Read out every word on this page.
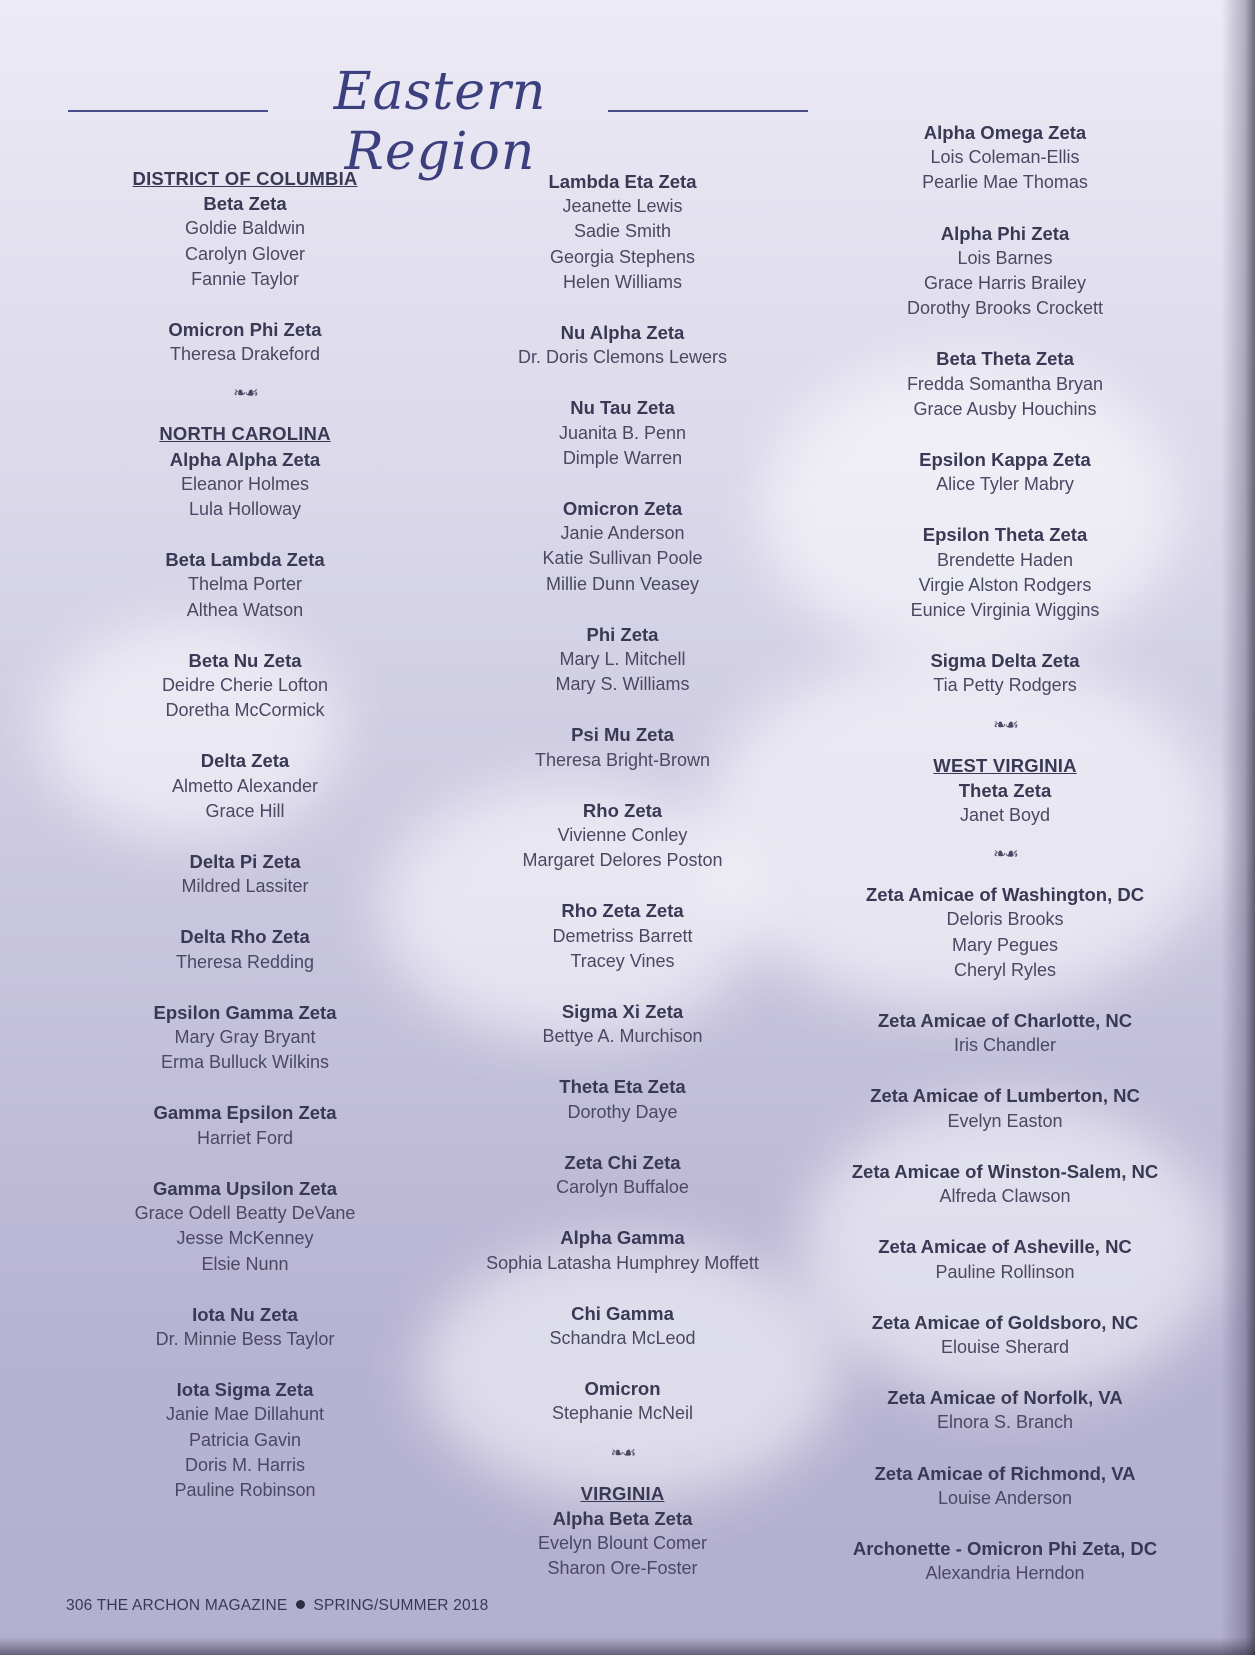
Eastern Region
DISTRICT OF COLUMBIA
Beta Zeta
Goldie Baldwin
Carolyn Glover
Fannie Taylor
Omicron Phi Zeta
Theresa Drakeford
❧☙
NORTH CAROLINA
Alpha Alpha Zeta
Eleanor Holmes
Lula Holloway
Beta Lambda Zeta
Thelma Porter
Althea Watson
Beta Nu Zeta
Deidre Cherie Lofton
Doretha McCormick
Delta Zeta
Almetto Alexander
Grace Hill
Delta Pi Zeta
Mildred Lassiter
Delta Rho Zeta
Theresa Redding
Epsilon Gamma Zeta
Mary Gray Bryant
Erma Bulluck Wilkins
Gamma Epsilon Zeta
Harriet Ford
Gamma Upsilon Zeta
Grace Odell Beatty DeVane
Jesse McKenney
Elsie Nunn
Iota Nu Zeta
Dr. Minnie Bess Taylor
Iota Sigma Zeta
Janie Mae Dillahunt
Patricia Gavin
Doris M. Harris
Pauline Robinson
Lambda Eta Zeta
Jeanette Lewis
Sadie Smith
Georgia Stephens
Helen Williams
Nu Alpha Zeta
Dr. Doris Clemons Lewers
Nu Tau Zeta
Juanita B. Penn
Dimple Warren
Omicron Zeta
Janie Anderson
Katie Sullivan Poole
Millie Dunn Veasey
Phi Zeta
Mary L. Mitchell
Mary S. Williams
Psi Mu Zeta
Theresa Bright-Brown
Rho Zeta
Vivienne Conley
Margaret Delores Poston
Rho Zeta Zeta
Demetriss Barrett
Tracey Vines
Sigma Xi Zeta
Bettye A. Murchison
Theta Eta Zeta
Dorothy Daye
Zeta Chi Zeta
Carolyn Buffaloe
Alpha Gamma
Sophia Latasha Humphrey Moffett
Chi Gamma
Schandra McLeod
Omicron
Stephanie McNeil
❧☙
VIRGINIA
Alpha Beta Zeta
Evelyn Blount Comer
Sharon Ore-Foster
Alpha Omega Zeta
Lois Coleman-Ellis
Pearlie Mae Thomas
Alpha Phi Zeta
Lois Barnes
Grace Harris Brailey
Dorothy Brooks Crockett
Beta Theta Zeta
Fredda Somantha Bryan
Grace Ausby Houchins
Epsilon Kappa Zeta
Alice Tyler Mabry
Epsilon Theta Zeta
Brendette Haden
Virgie Alston Rodgers
Eunice Virginia Wiggins
Sigma Delta Zeta
Tia Petty Rodgers
❧☙
WEST VIRGINIA
Theta Zeta
Janet Boyd
❧☙
Zeta Amicae of Washington, DC
Deloris Brooks
Mary Pegues
Cheryl Ryles
Zeta Amicae of Charlotte, NC
Iris Chandler
Zeta Amicae of Lumberton, NC
Evelyn Easton
Zeta Amicae of Winston-Salem, NC
Alfreda Clawson
Zeta Amicae of Asheville, NC
Pauline Rollinson
Zeta Amicae of Goldsboro, NC
Elouise Sherard
Zeta Amicae of Norfolk, VA
Elnora S. Branch
Zeta Amicae of Richmond, VA
Louise Anderson
Archonette - Omicron Phi Zeta, DC
Alexandria Herndon
306 THE ARCHON MAGAZINE SPRING/SUMMER 2018
